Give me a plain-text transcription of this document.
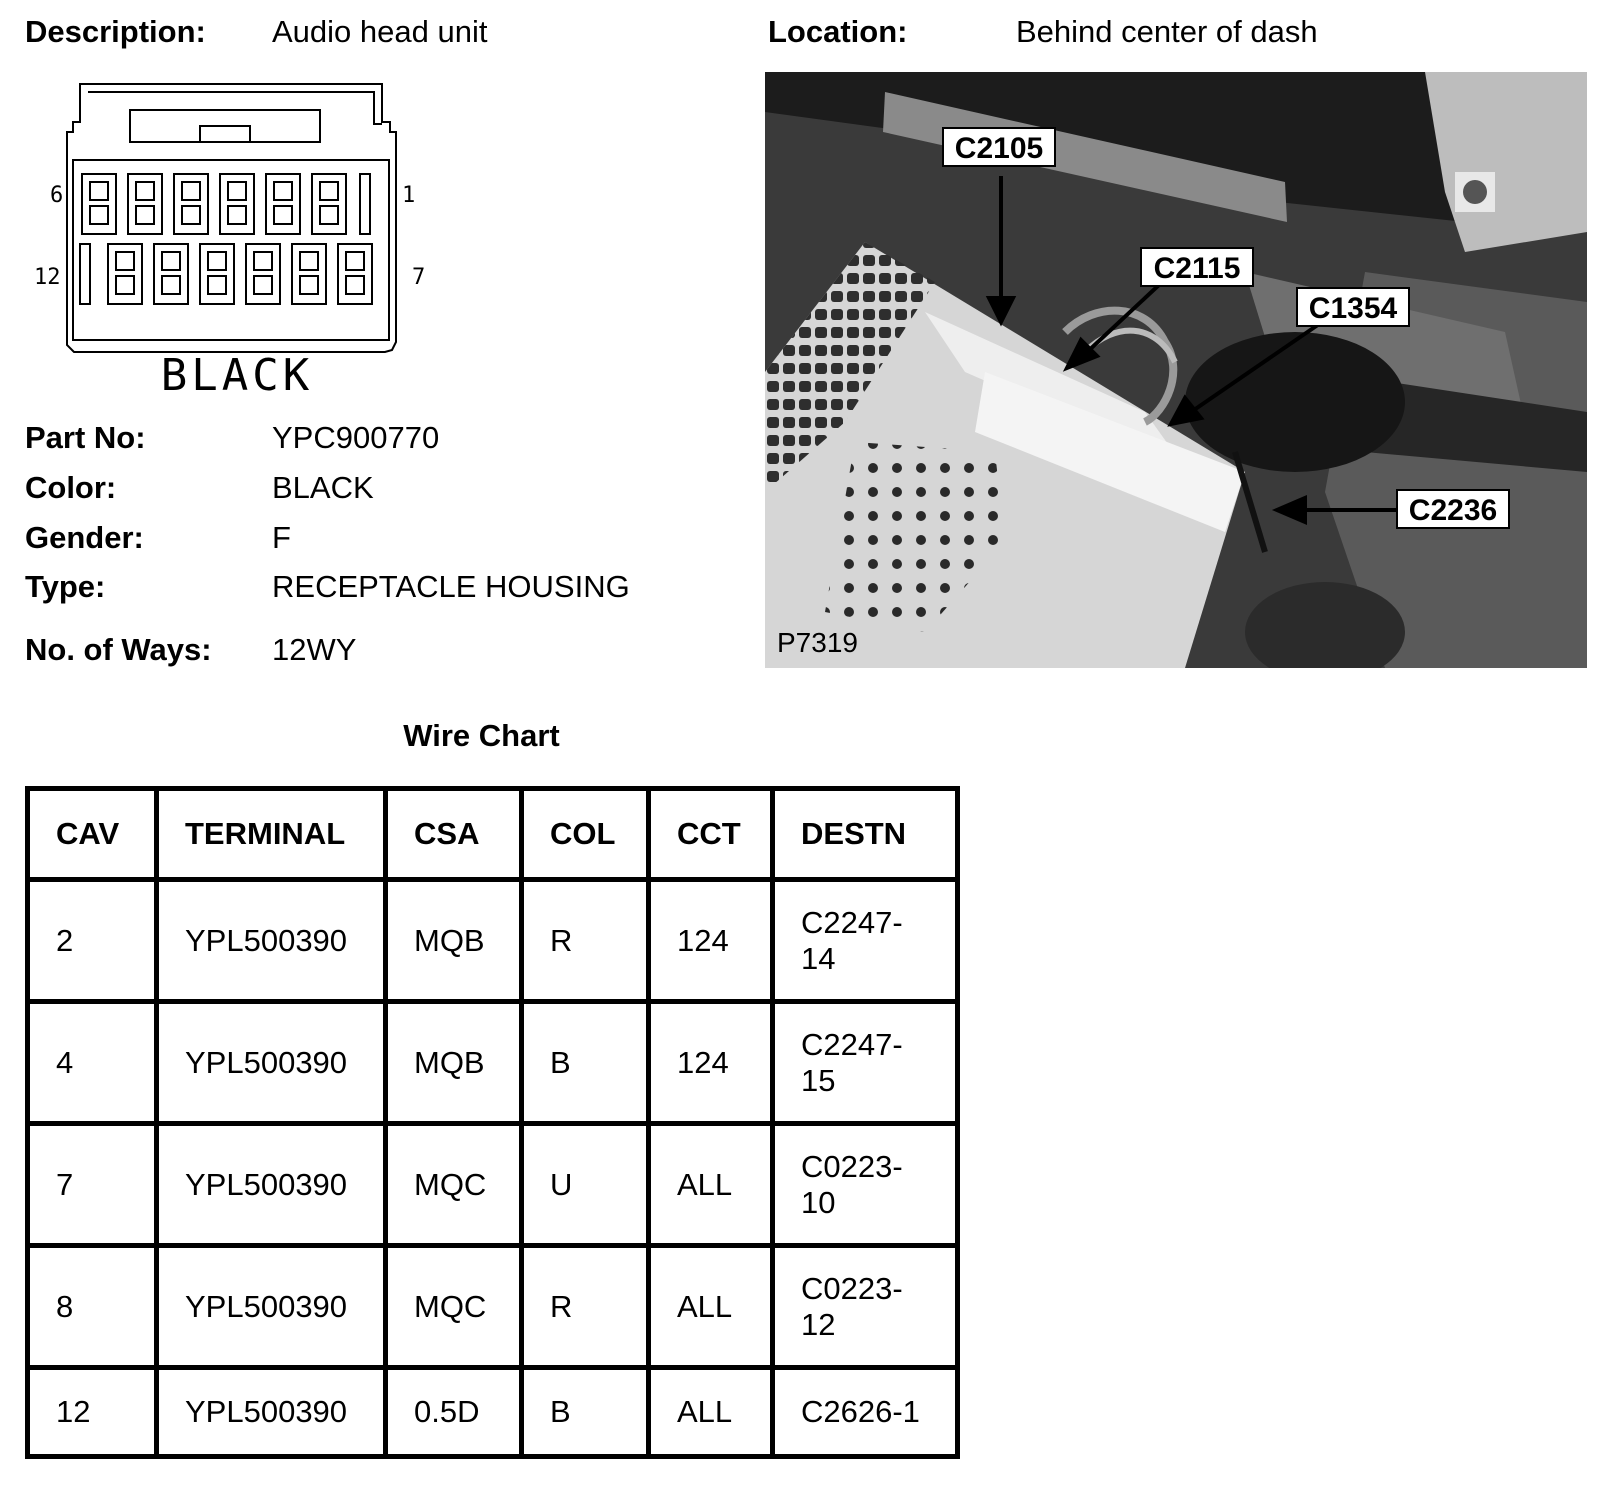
Description: Audio head unit	Location:	Behind center of dash
6	1
12	7
BLACK
Part No:	YPC900770
Color:	BLACK
Gender:	F
Type:	RECEPTACLE HOUSING
No. of Ways: 12WY
C2105
C2115
C1354
C2236
P7319
Wire Chart
CAV	TERMINAL	CSA	COL	CCT	DESTN
2	YPL500390	MQB	R	124	C2247-
14

4	YPL500390	MQB	B	124	C2247-
15

7	YPL500390	MQC	U	ALL	C0223-
10

8	YPL500390	MQC	R	ALL	C0223-
12

12	YPL500390	0.5D	B	ALL	C2626-1
